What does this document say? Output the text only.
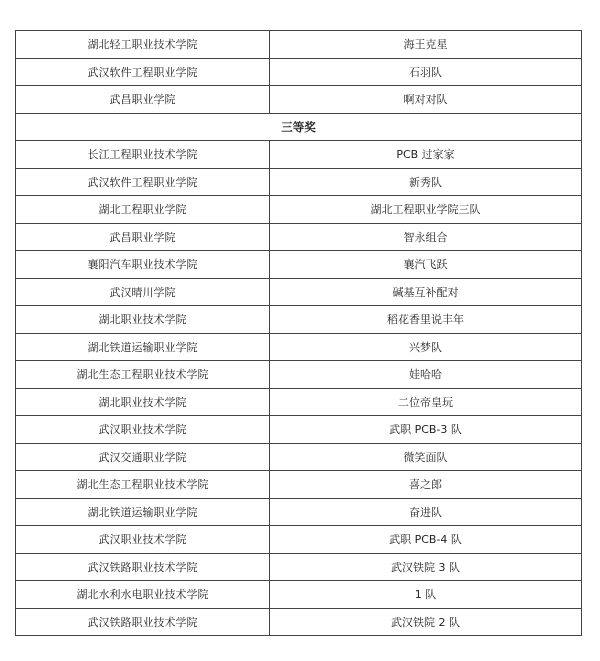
湖北轻工职业技术学院	海王克星
武汉软件工程职业学院	石羽队
武昌职业学院	啊对对队
三等奖	
长江工程职业技术学院	PCB 过家家
武汉软件工程职业学院	新秀队
湖北工程职业学院	湖北工程职业学院三队
武昌职业学院	智永组合
襄阳汽车职业技术学院	襄汽飞跃
武汉晴川学院	碱基互补配对
湖北职业技术学院	稻花香里说丰年
湖北铁道运输职业学院	兴梦队
湖北生态工程职业技术学院	娃哈哈
湖北职业技术学院	二位帝皇玩
武汉职业技术学院	武职 PCB-3 队
武汉交通职业学院	微笑面队
湖北生态工程职业技术学院	喜之郎
湖北铁道运输职业学院	奋进队
武汉职业技术学院	武职 PCB-4 队
武汉铁路职业技术学院	武汉铁院 3 队
湖北水利水电职业技术学院	1 队
武汉铁路职业技术学院	武汉铁院 2 队
